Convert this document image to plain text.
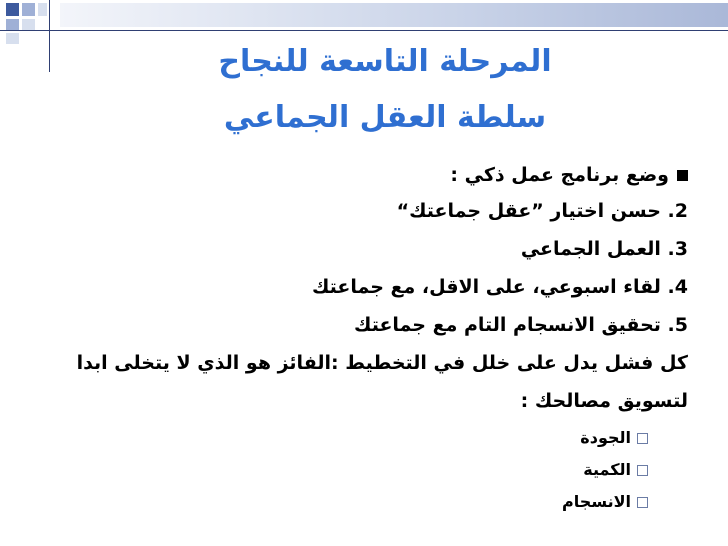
المرحلة التاسعة للنجاح
سلطة العقل الجماعي
وضع برنامج عمل ذكي :
2. حسن اختيار ”عقل جماعتك“
3. العمل الجماعي
4. لقاء اسبوعي، على الاقل، مع جماعتك
5. تحقيق الانسجام التام مع جماعتك
كل فشل يدل على خلل في التخطيط :الفائز هو الذي لا يتخلى ابدا
لتسويق مصالحك :
الجودة
الكمية
الانسجام
